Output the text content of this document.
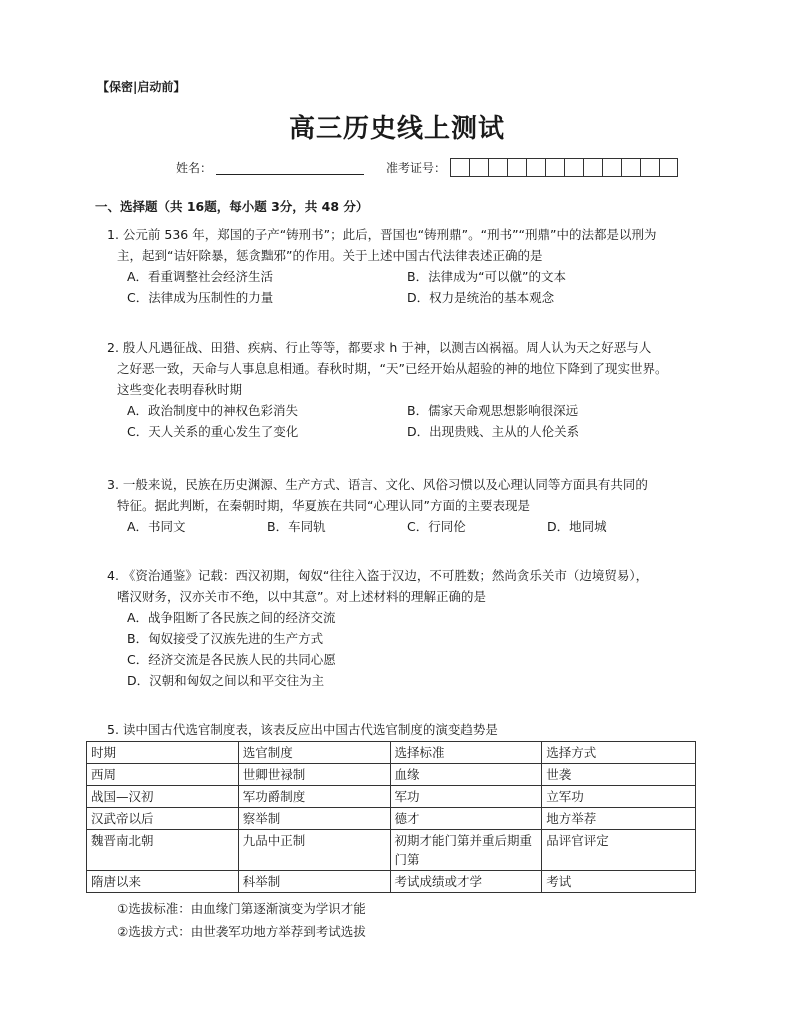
【保密|启动前】
高三历史线上测试
姓名：	准考证号：
一、选择题（共 16题，每小题 3分，共 48 分）

1. 公元前 536 年，郑国的子产“铸刑书”；此后，晋国也“铸刑鼎”。“刑书”“刑鼎”中的法都是以刑为

主，起到“诘奸除暴，惩贪黜邪”的作用。关于上述中国古代法律表述正确的是

A．看重调整社会经济生活	B．法律成为“可以僦”的文本
C．法律成为压制性的力量	D．权力是统治的基本观念

2. 殷人凡遇征战、田猎、疾病、行止等等，都要求 h 于神，以测吉凶祸福。周人认为天之好恶与人

之好恶一致，天命与人事息息相通。春秋时期，“天”已经开始从超验的神的地位下降到了现实世界。

这些变化表明春秋时期

A．政治制度中的神权色彩消失	B．儒家天命观思想影响很深远
C．天人关系的重心发生了变化	D．出现贵贱、主从的人伦关系

3. 一般来说，民族在历史渊源、生产方式、语言、文化、风俗习惯以及心理认同等方面具有共同的

特征。据此判断，在秦朝时期，华夏族在共同“心理认同”方面的主要表现是

A．书同文	B．车同轨	C．行同伦	D．地同城

4. 《资治通鉴》记载：西汉初期，匈奴“往往入盗于汉边，不可胜数；然尚贪乐关市（边境贸易），

嗜汉财务，汉亦关市不绝，以中其意”。对上述材料的理解正确的是

A．战争阻断了各民族之间的经济交流
B．匈奴接受了汉族先进的生产方式
C．经济交流是各民族人民的共同心愿
D．汉朝和匈奴之间以和平交往为主

5. 读中国古代选官制度表，该表反应出中国古代选官制度的演变趋势是

时期	选官制度	选择标准	选择方式
西周	世卿世禄制	血缘	世袭
战国—汉初	军功爵制度	军功	立军功
汉武帝以后	察举制	德才	地方举荐
魏晋南北朝	九品中正制	初期才能门第并重后期重门第	品评官评定
隋唐以来	科举制	考试成绩或才学	考试
①选拔标准：由血缘门第逐渐演变为学识才能
②选拔方式：由世袭军功地方举荐到考试选拔
